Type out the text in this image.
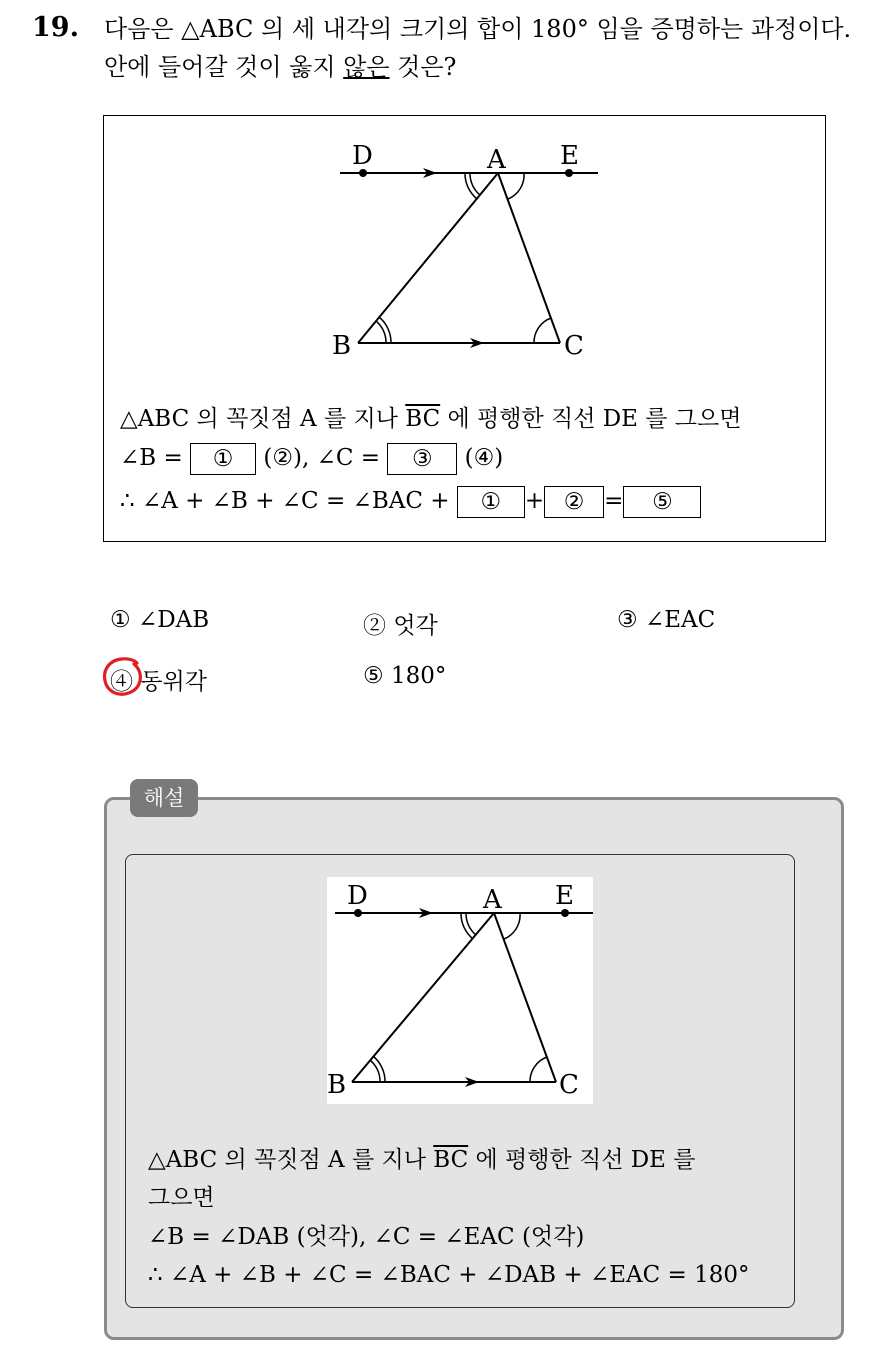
19. 다음은 △ABC 의 세 내각의 크기의 합이 180° 임을 증명하는 과정이다.
안에 들어갈 것이 옳지 않은 것은?
D	A E
B	C
△ABC 의 꼭짓점 A 를 지나 $\overline{BC}$ 에 평행한 직선 DE 를 그으면
∠B = ① (②), ∠C = ③ (④)
∴ ∠A + ∠B + ∠C = ∠BAC + ① + ② = ⑤
① ∠DAB	② 엇각	③ ∠EAC
④ 동위각	⑤ 180°
해설
D	A E
B	C
△ABC 의 꼭짓점 A 를 지나 $\overline{BC}$ 에 평행한 직선 DE 를
그으면
∠B = ∠DAB (엇각), ∠C = ∠EAC (엇각)
∴ ∠A + ∠B + ∠C = ∠BAC + ∠DAB + ∠EAC = 180°
